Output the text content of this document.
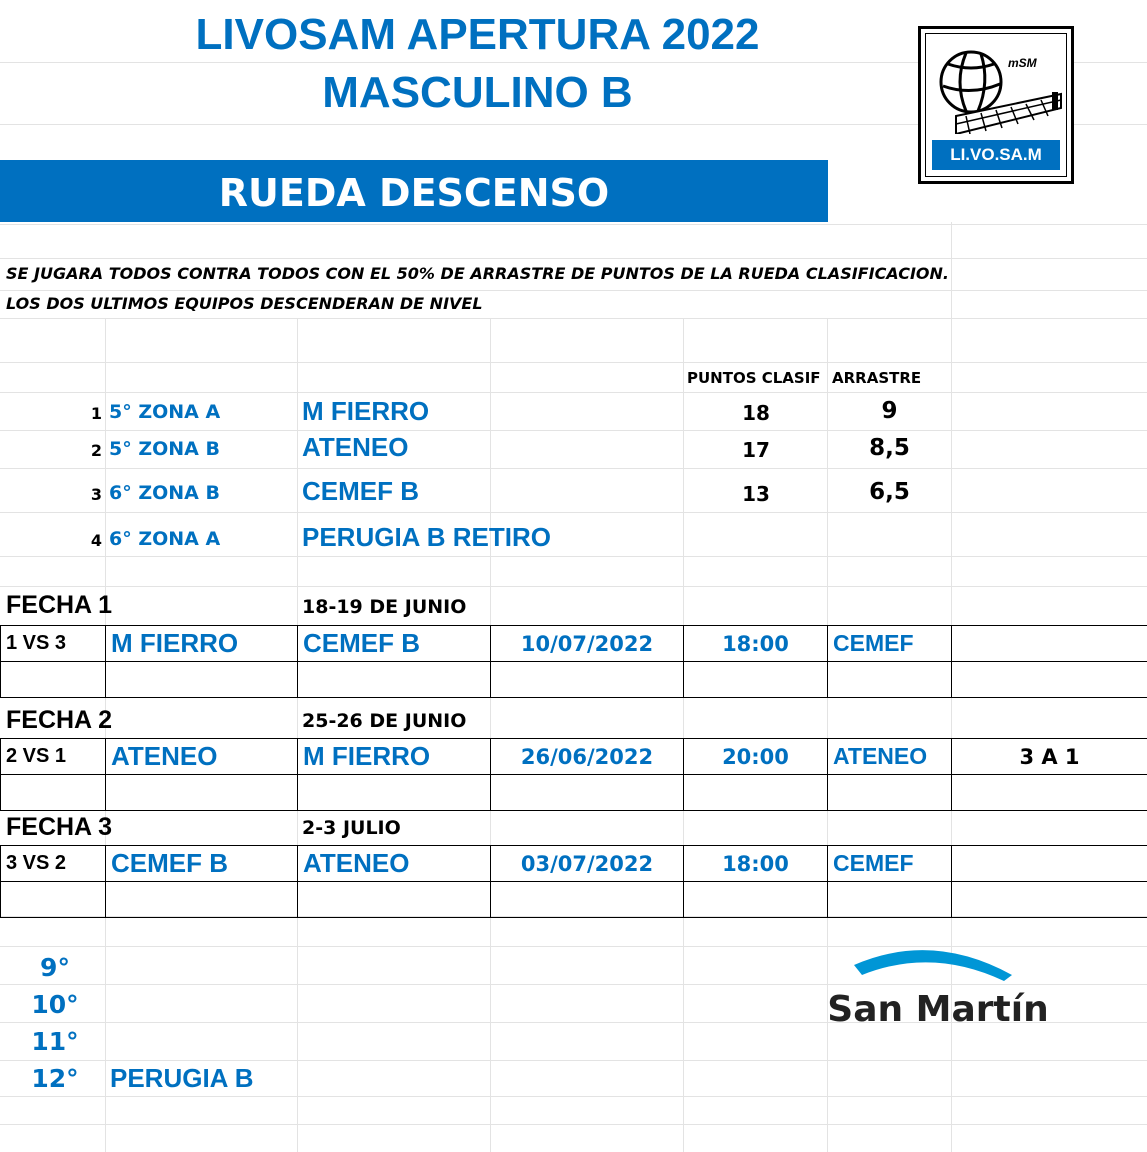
LIVOSAM APERTURA 2022
MASCULINO B
mSM
LI.VO.SA.M
RUEDA DESCENSO
SE JUGARA TODOS CONTRA TODOS CON EL 50% DE ARRASTRE DE PUNTOS DE LA RUEDA CLASIFICACION.
LOS DOS ULTIMOS EQUIPOS DESCENDERAN DE NIVEL
PUNTOS CLASIF ARRASTRE
1 5° ZONA A	M FIERRO	18	9
2 5° ZONA B	ATENEO	17	8,5
3 6° ZONA B	CEMEF B	13	6,5
4 6° ZONA A	PERUGIA B RETIRO
FECHA 1	18-19 DE JUNIO
1 VS 3	M FIERRO	CEMEF B	10/07/2022	18:00	CEMEF	

FECHA 2	25-26 DE JUNIO
2 VS 1	ATENEO	M FIERRO	26/06/2022	20:00	ATENEO	3 A 1

FECHA 3	2-3 JULIO
3 VS 2	CEMEF B	ATENEO	03/07/2022	18:00	CEMEF	

9°
10°
11°
12°	PERUGIA B
San Martín
